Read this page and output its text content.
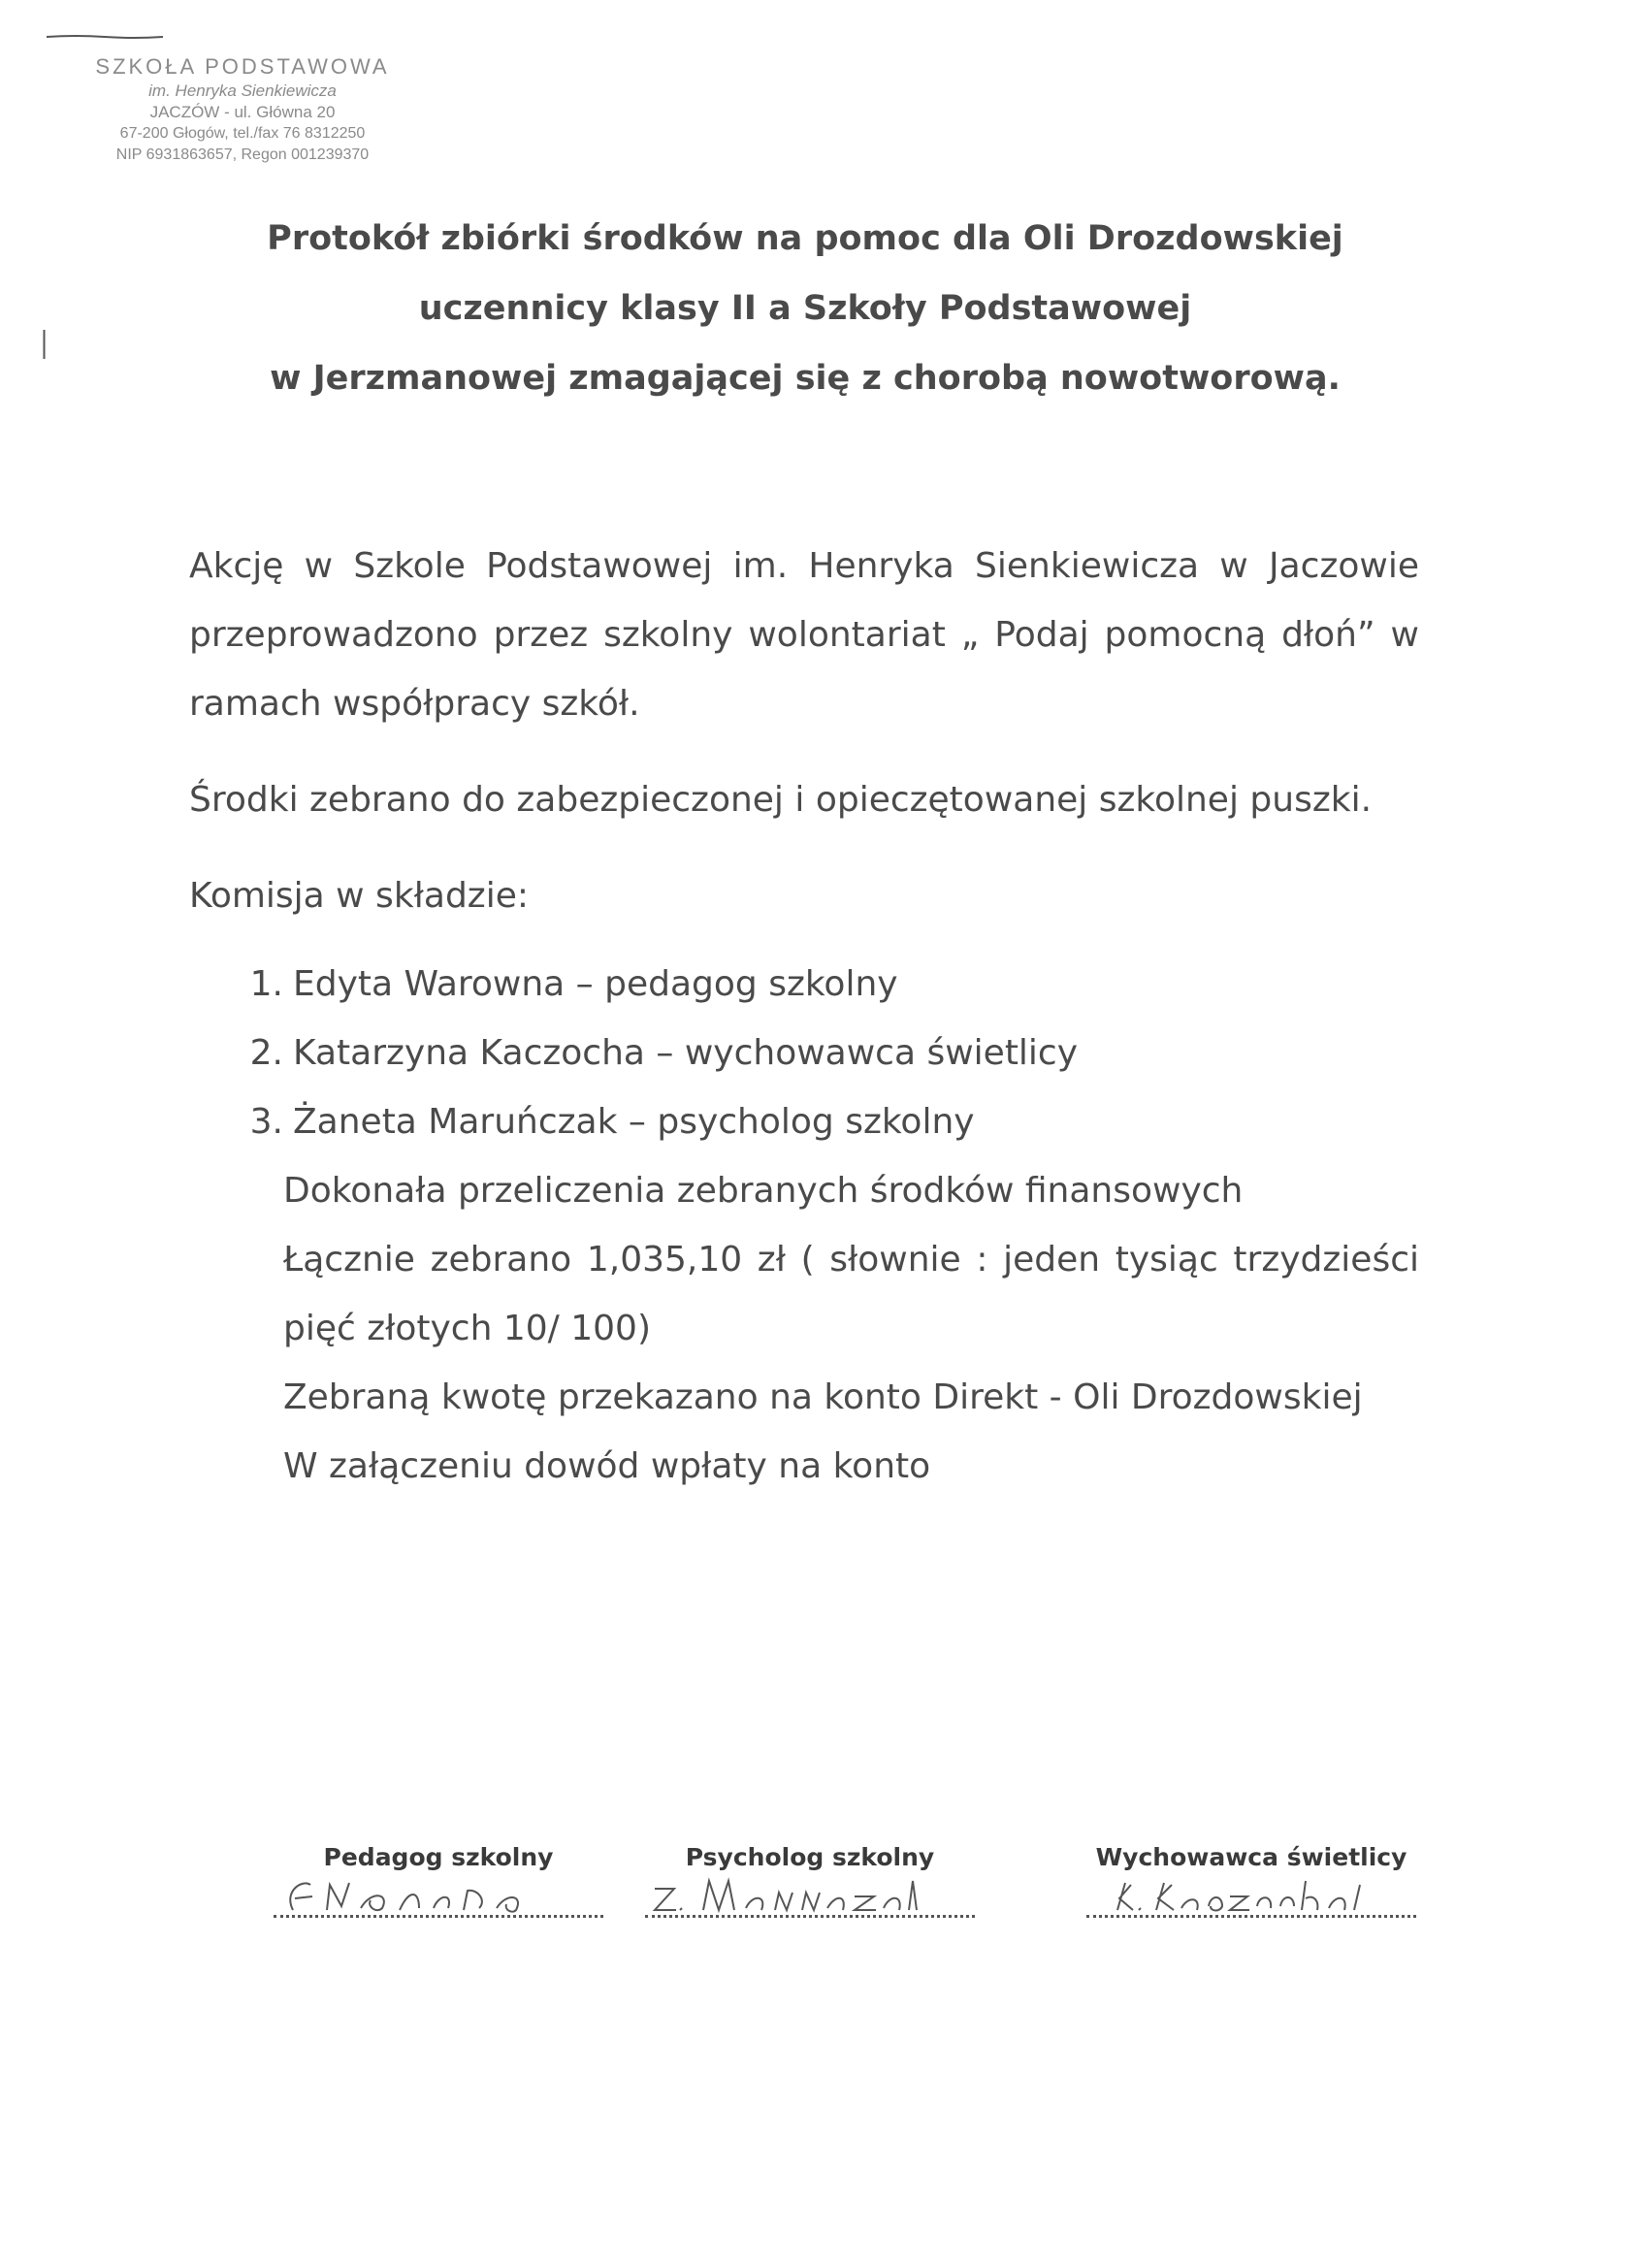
SZKOŁA PODSTAWOWA
im. Henryka Sienkiewicza
JACZÓW - ul. Główna 20
67-200 Głogów, tel./fax 76 8312250
NIP 6931863657, Regon 001239370
Protokół zbiórki środków na pomoc dla Oli Drozdowskiej
uczennicy klasy II a Szkoły Podstawowej
w Jerzmanowej zmagającej się z chorobą nowotworową.

Akcję w Szkole Podstawowej im. Henryka Sienkiewicza w Jaczowie przeprowadzono przez szkolny wolontariat „ Podaj pomocną dłoń” w ramach współpracy szkół.

Środki zebrano do zabezpieczonej i opieczętowanej szkolnej puszki.

Komisja w składzie:

1. Edyta Warowna – pedagog szkolny
2. Katarzyna Kaczocha – wychowawca świetlicy
3. Żaneta Maruńczak – psycholog szkolny
Dokonała przeliczenia zebranych środków finansowych
Łącznie zebrano 1,035,10 zł ( słownie : jeden tysiąc trzydzieści pięć złotych 10/ 100)
Zebraną kwotę przekazano na konto Direkt - Oli Drozdowskiej
W załączeniu dowód wpłaty na konto
Pedagog szkolny	Psycholog szkolny	Wychowawca świetlicy
